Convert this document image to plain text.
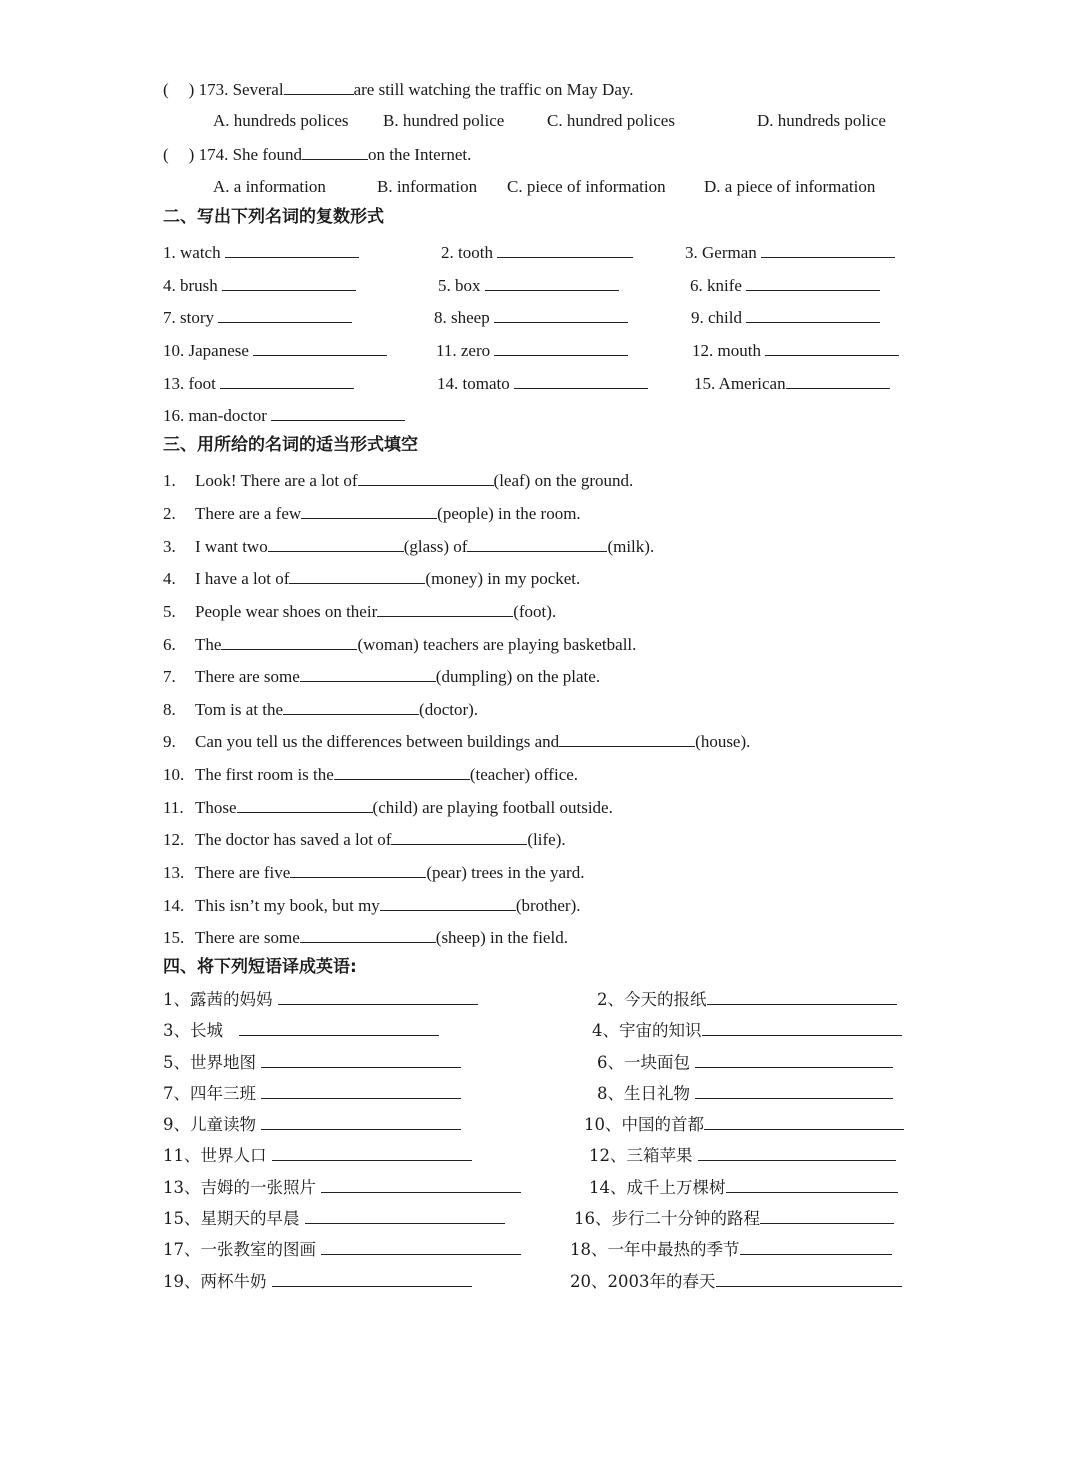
( ) 173. Several	are still watching the traffic on May Day.
A. hundreds polices B. hundred police	C. hundred polices	D. hundreds police
( ) 174. She found	on the Internet.
A. a information	B. information C. piece of information D. a piece of information
二、写出下列名词的复数形式
1. watch	2. tooth	3. German
4. brush	5. box	6. knife
7. story	8. sheep	9. child
10. Japanese	11. zero	12. mouth
13. foot	14. tomato	15. American
16. man-doctor
三、用所给的名词的适当形式填空
1. Look! There are a lot of	(leaf) on the ground.
2. There are a few	(people) in the room.
3. I want two	(glass) of	(milk).
4. I have a lot of	(money) in my pocket.
5. People wear shoes on their	(foot).
6. The	(woman) teachers are playing basketball.
7. There are some	(dumpling) on the plate.
8. Tom is at the	(doctor).
9. Can you tell us the differences between buildings and	(house).
10. The first room is the	(teacher) office.
11. Those	(child) are playing football outside.
12. The doctor has saved a lot of	(life).
13. There are five	(pear) trees in the yard.
14. This isn’t my book, but my	(brother).
15. There are some	(sheep) in the field.
四、将下列短语译成英语:
1、露茜的妈妈	2、今天的报纸
3、长城	4、宇宙的知识
5、世界地图	6、一块面包
7、四年三班	8、生日礼物
9、儿童读物	10、中国的首都
11、世界人口	12、三箱苹果
13、吉姆的一张照片	14、成千上万棵树
15、星期天的早晨	16、步行二十分钟的路程
17、一张教室的图画	18、一年中最热的季节
19、两杯牛奶	20、2003年的春天
